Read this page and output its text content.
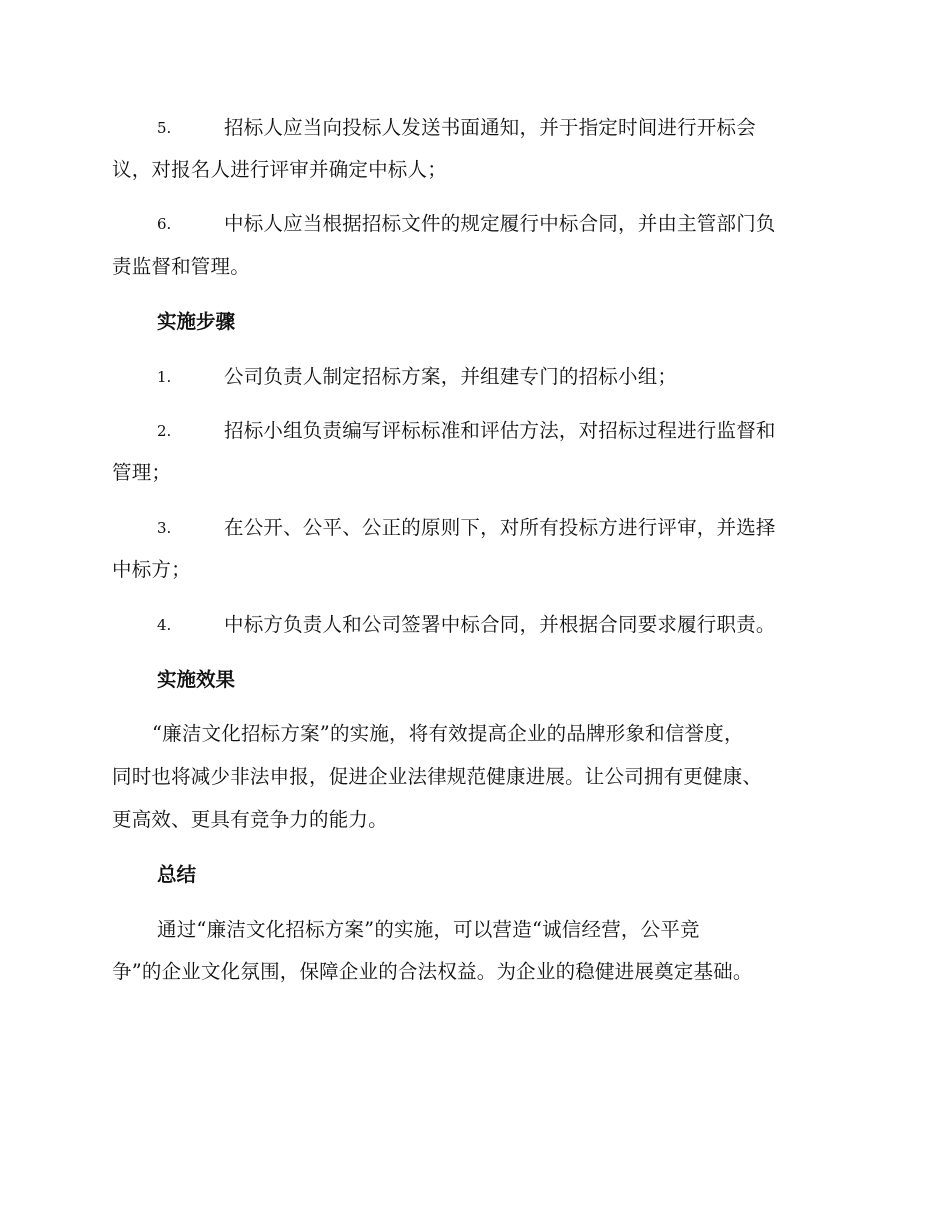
5.	招标人应当向投标人发送书面通知，并于指定时间进行开标会
议，对报名人进行评审并确定中标人；
6.	中标人应当根据招标文件的规定履行中标合同，并由主管部门负
责监督和管理。
实施步骤
1.	公司负责人制定招标方案，并组建专门的招标小组；
2.	招标小组负责编写评标标准和评估方法，对招标过程进行监督和
管理；
3.	在公开、公平、公正的原则下，对所有投标方进行评审，并选择
中标方；
4.	中标方负责人和公司签署中标合同，并根据合同要求履行职责。
实施效果
“廉洁文化招标方案”的实施，将有效提高企业的品牌形象和信誉度，
同时也将减少非法申报，促进企业法律规范健康进展。让公司拥有更健康、
更高效、更具有竞争力的能力。
总结
通过“廉洁文化招标方案”的实施，可以营造“诚信经营，公平竞
争”的企业文化氛围，保障企业的合法权益。为企业的稳健进展奠定基础。
